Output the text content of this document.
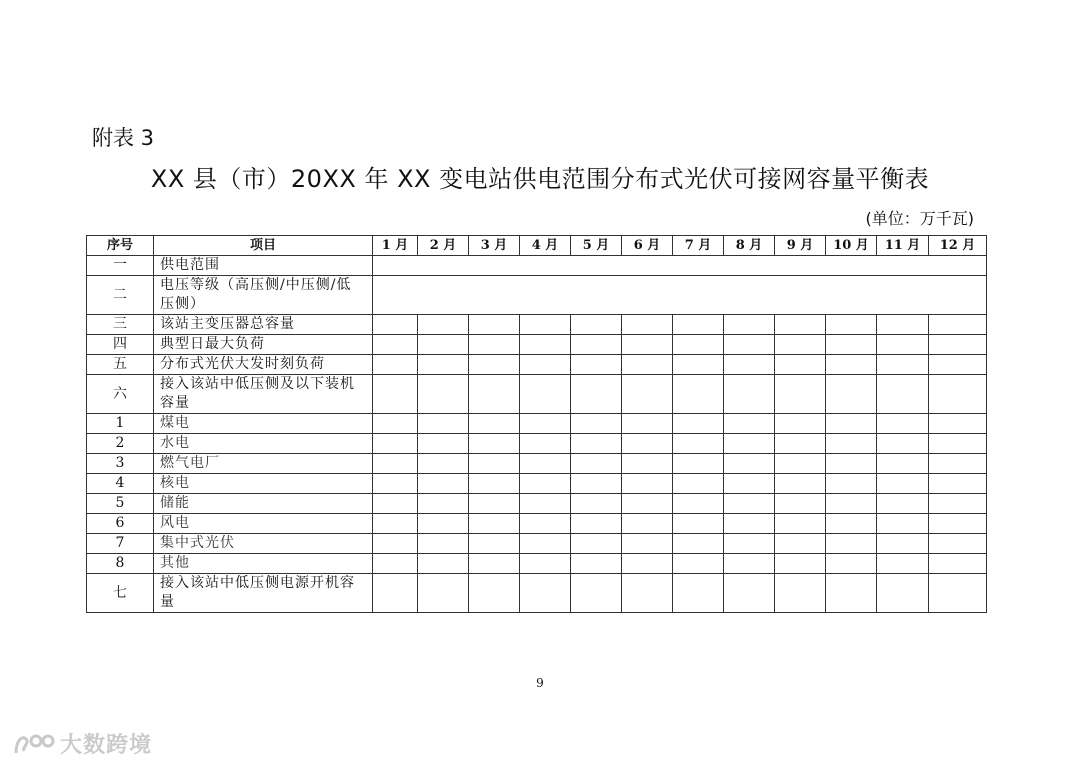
附表 3
XX 县（市）20XX 年 XX 变电站供电范围分布式光伏可接网容量平衡表
(单位：万千瓦)
序号	项目	1 月	2 月	3 月	4 月	5 月	6 月	7 月	8 月	9 月	10 月	11 月	12 月
一	供电范围												
二	电压等级（高压侧/中压侧/低压侧）												
三	该站主变压器总容量												
四	典型日最大负荷												
五	分布式光伏大发时刻负荷												
六	接入该站中低压侧及以下装机容量												
1	煤电												
2	水电												
3	燃气电厂												
4	核电												
5	储能												
6	风电												
7	集中式光伏												
8	其他												
七	接入该站中低压侧电源开机容量												
9
大数跨境
